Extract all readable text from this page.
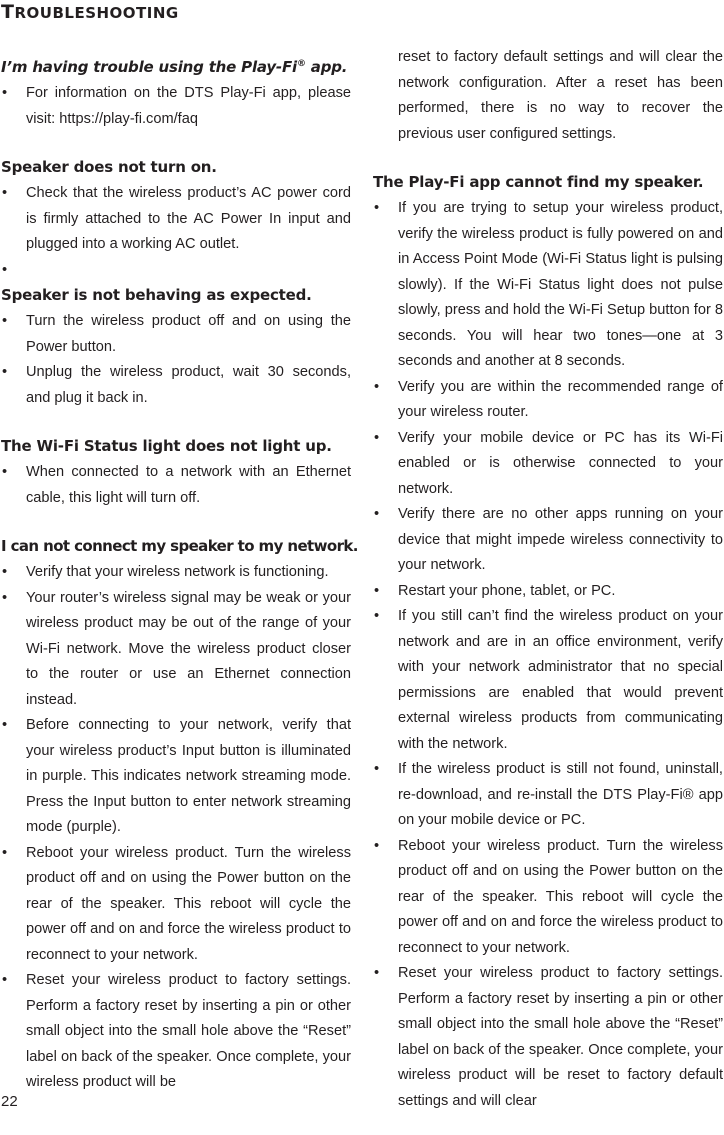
TROUBLESHOOTING
I’m having trouble using the Play-Fi® app.
• For information on the DTS Play-Fi app, please visit: https://play-fi.com/faq
Speaker does not turn on.
• Check that the wireless product’s AC power cord is firmly attached to the AC Power In input and plugged into a working AC outlet.
•
Speaker is not behaving as expected.
• Turn the wireless product off and on using the Power button.
• Unplug the wireless product, wait 30 seconds, and plug it back in.
The Wi-Fi Status light does not light up.
• When connected to a network with an Ethernet cable, this light will turn off.
I can not connect my speaker to my network.
• Verify that your wireless network is functioning.
• Your router’s wireless signal may be weak or your wireless product may be out of the range of your Wi-Fi network. Move the wireless product closer to the router or use an Ethernet connection instead.
• Before connecting to your network, verify that your wireless product’s Input button is illuminated in purple. This indicates network streaming mode. Press the Input button to enter network streaming mode (purple).
• Reboot your wireless product. Turn the wireless product off and on using the Power button on the rear of the speaker. This reboot will cycle the power off and on and force the wireless product to reconnect to your network.
• Reset your wireless product to factory settings. Perform a factory reset by inserting a pin or other small object into the small hole above the “Reset” label on back of the speaker. Once complete, your wireless product will be

reset to factory default settings and will clear the network configuration. After a reset has been performed, there is no way to recover the previous user configured settings.

The Play-Fi app cannot find my speaker.
• If you are trying to setup your wireless product, verify the wireless product is fully powered on and in Access Point Mode (Wi-Fi Status light is pulsing slowly). If the Wi-Fi Status light does not pulse slowly, press and hold the Wi-Fi Setup button for 8 seconds. You will hear two tones—one at 3 seconds and another at 8 seconds.
• Verify you are within the recommended range of your wireless router.
• Verify your mobile device or PC has its Wi-Fi enabled or is otherwise connected to your network.
• Verify there are no other apps running on your device that might impede wireless connectivity to your network.
• Restart your phone, tablet, or PC.
• If you still can’t find the wireless product on your network and are in an office environment, verify with your network administrator that no special permissions are enabled that would prevent external wireless products from communicating with the network.
• If the wireless product is still not found, uninstall, re-download, and re-install the DTS Play-Fi® app on your mobile device or PC.
• Reboot your wireless product. Turn the wireless product off and on using the Power button on the rear of the speaker. This reboot will cycle the power off and on and force the wireless product to reconnect to your network.
• Reset your wireless product to factory settings. Perform a factory reset by inserting a pin or other small object into the small hole above the “Reset” label on back of the speaker. Once complete, your wireless product will be reset to factory default settings and will clear
22
